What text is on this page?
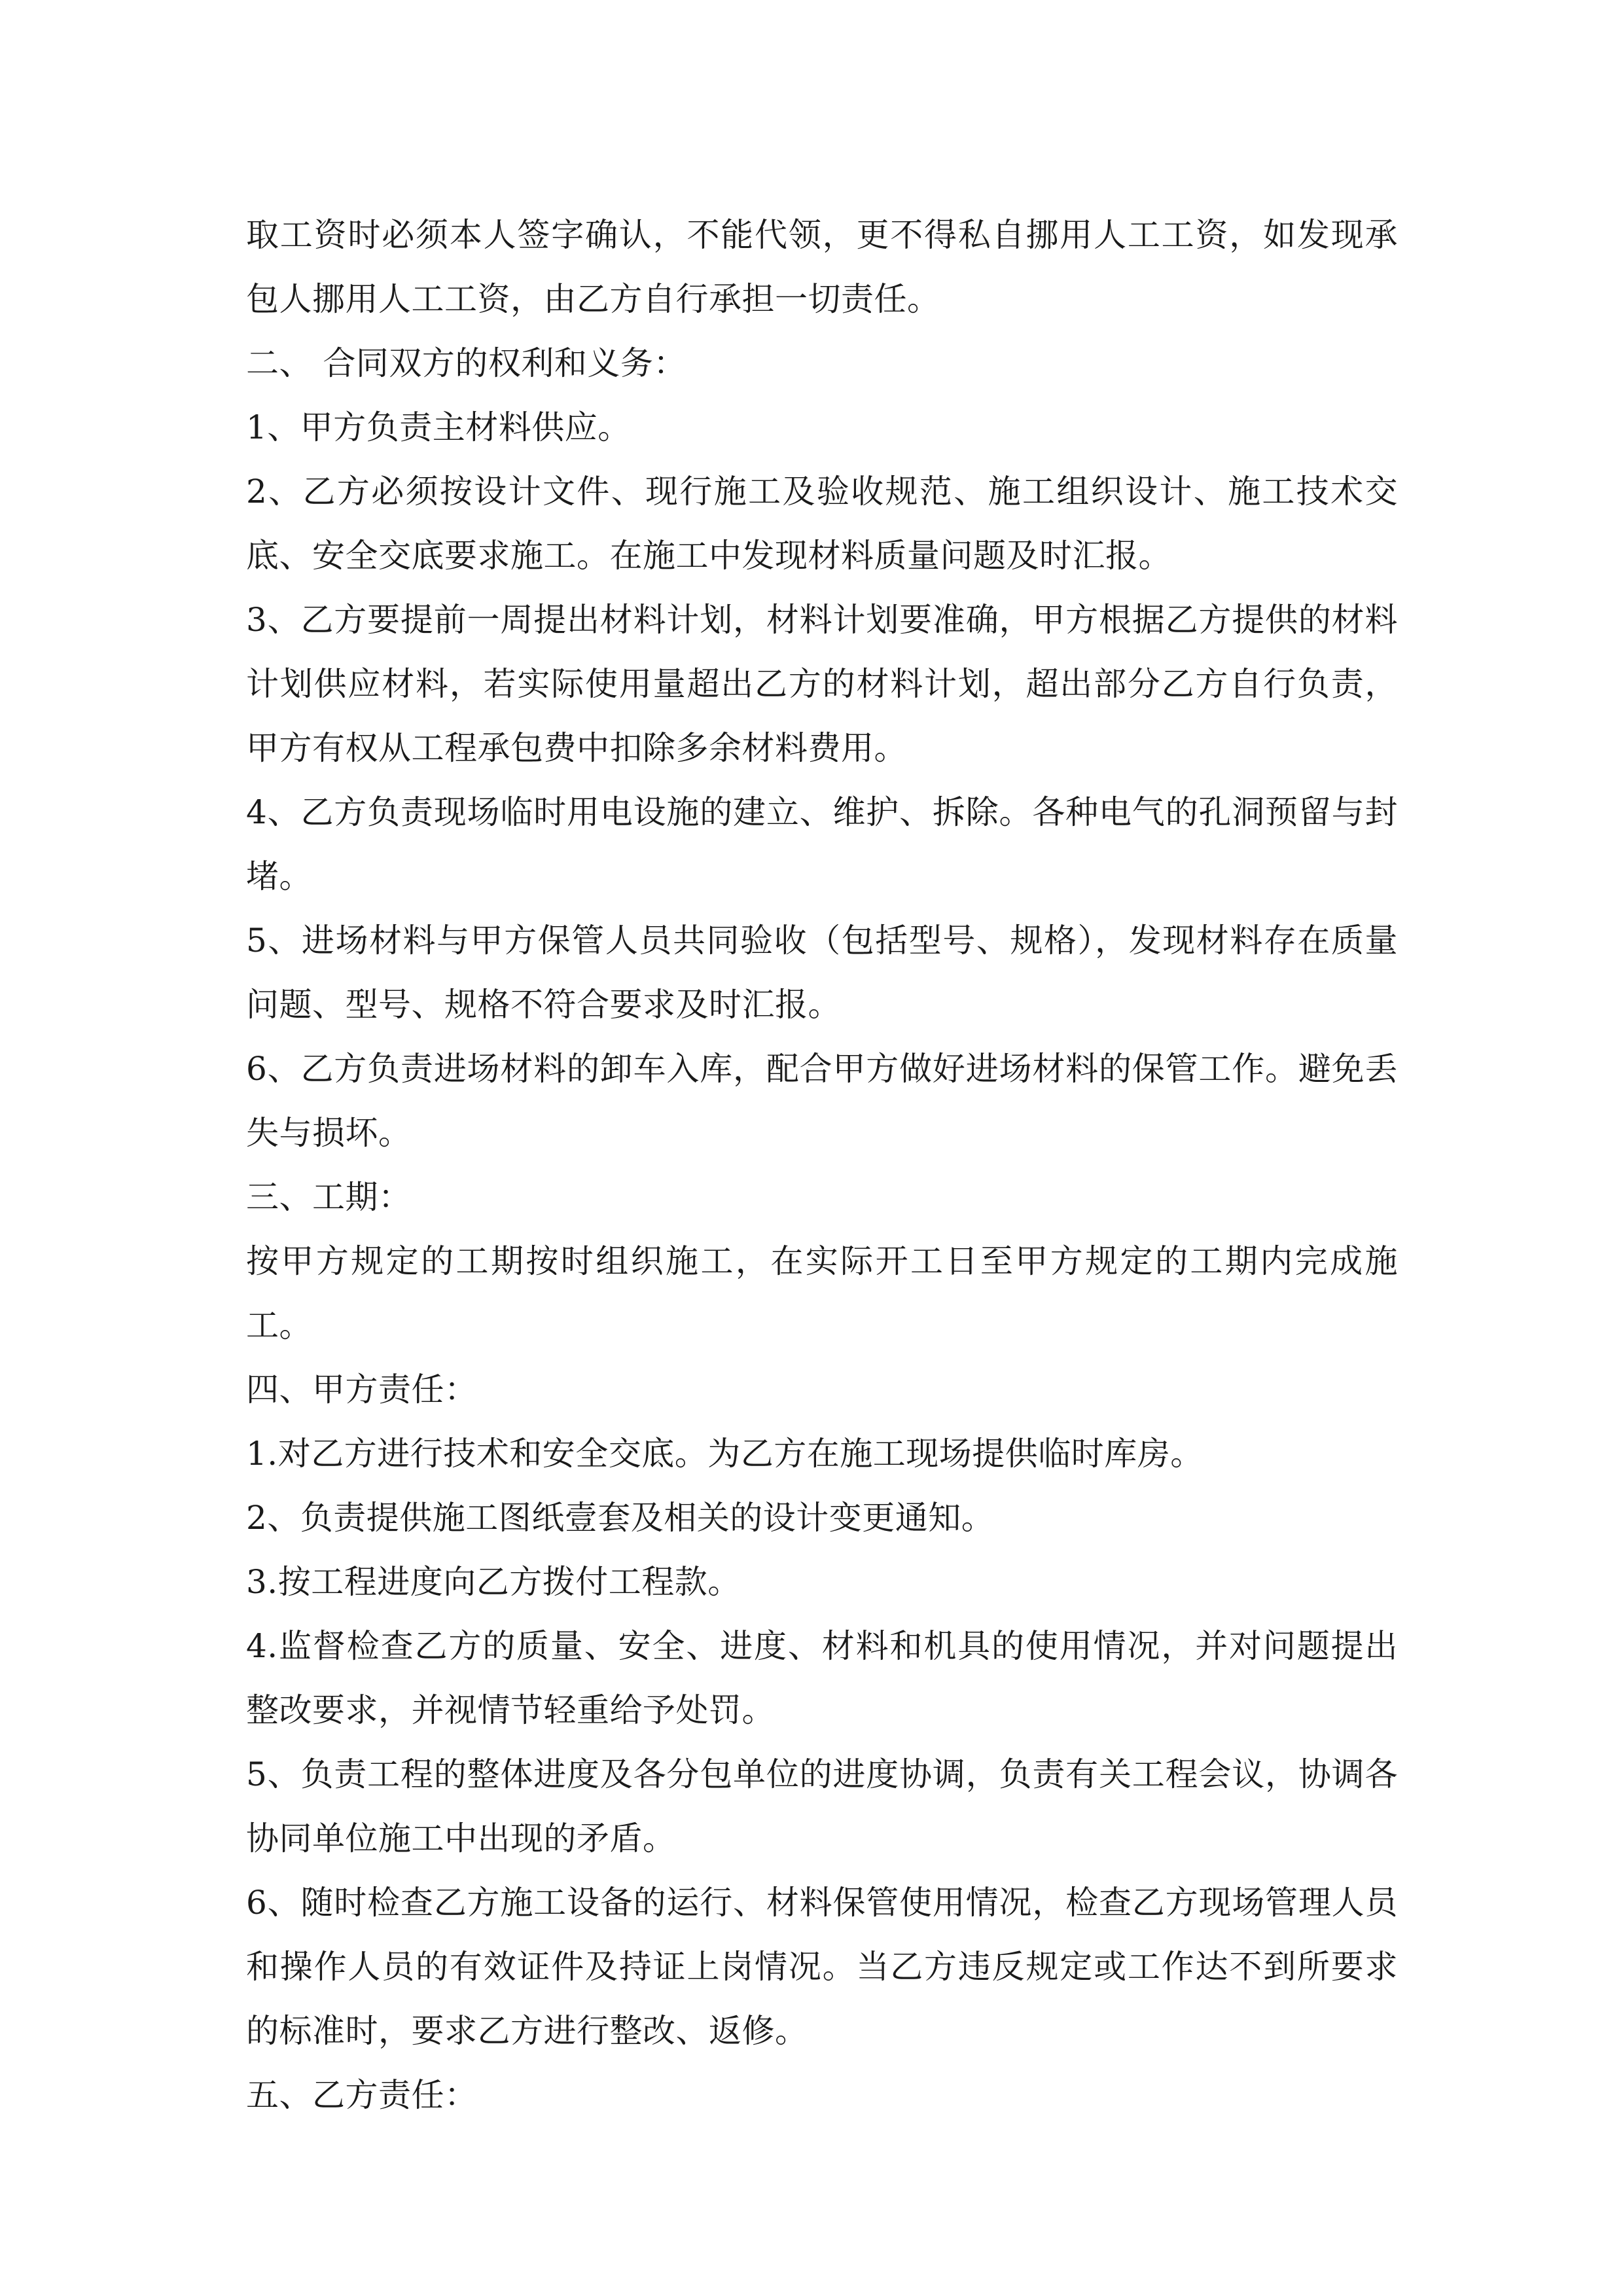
取工资时必须本人签字确认，不能代领，更不得私自挪用人工工资，如发现承包人挪用人工工资，由乙方自行承担一切责任。

二、 合同双方的权利和义务：

1、甲方负责主材料供应。

2、乙方必须按设计文件、现行施工及验收规范、施工组织设计、施工技术交底、安全交底要求施工。在施工中发现材料质量问题及时汇报。

3、乙方要提前一周提出材料计划，材料计划要准确，甲方根据乙方提供的材料计划供应材料，若实际使用量超出乙方的材料计划，超出部分乙方自行负责，甲方有权从工程承包费中扣除多余材料费用。

4、乙方负责现场临时用电设施的建立、维护、拆除。各种电气的孔洞预留与封堵。

5、进场材料与甲方保管人员共同验收（包括型号、规格），发现材料存在质量问题、型号、规格不符合要求及时汇报。

6、乙方负责进场材料的卸车入库，配合甲方做好进场材料的保管工作。避免丢失与损坏。

三、工期：

按甲方规定的工期按时组织施工，在实际开工日至甲方规定的工期内完成施工。

四、甲方责任：

1.对乙方进行技术和安全交底。为乙方在施工现场提供临时库房。

2、负责提供施工图纸壹套及相关的设计变更通知。

3.按工程进度向乙方拨付工程款。

4.监督检查乙方的质量、安全、进度、材料和机具的使用情况，并对问题提出整改要求，并视情节轻重给予处罚。

5、负责工程的整体进度及各分包单位的进度协调，负责有关工程会议，协调各协同单位施工中出现的矛盾。

6、随时检查乙方施工设备的运行、材料保管使用情况，检查乙方现场管理人员和操作人员的有效证件及持证上岗情况。当乙方违反规定或工作达不到所要求的标准时，要求乙方进行整改、返修。

五、乙方责任：
